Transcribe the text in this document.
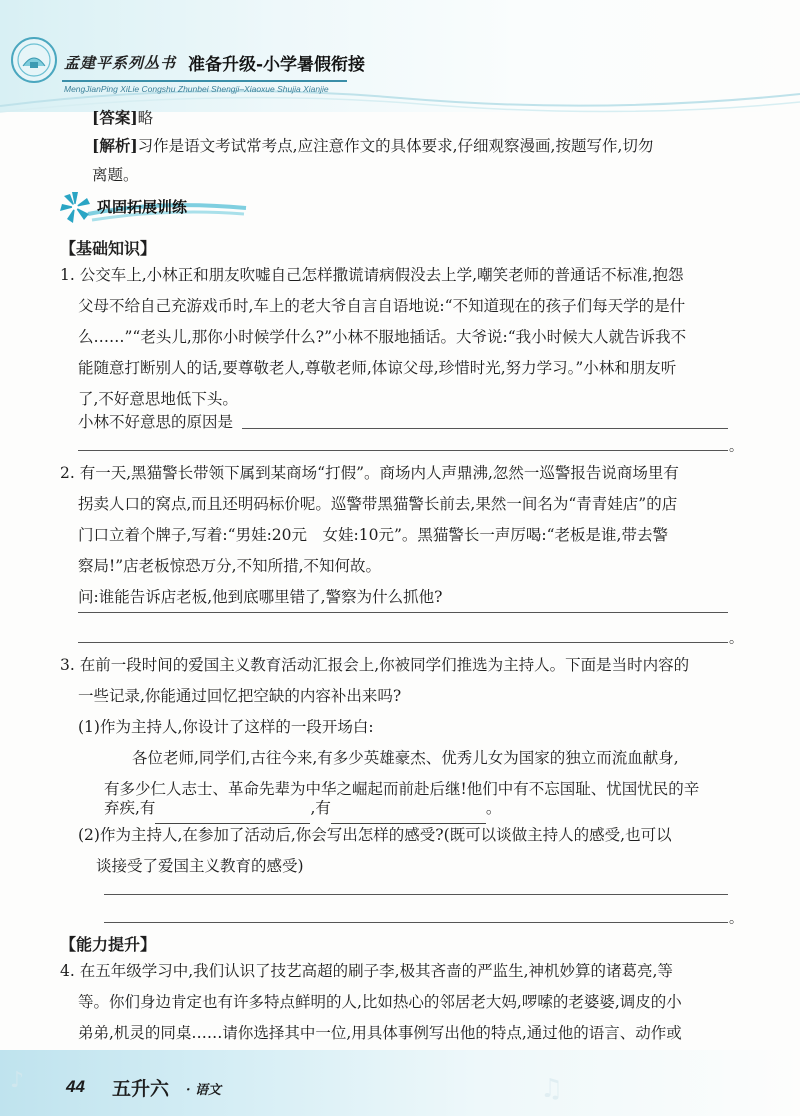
孟建平系列丛书 准备升级-小学暑假衔接
MengJianPing XiLie Congshu Zhunbei Shengji–Xiaoxue Shujia Xianjie
[答案]略
[解析]习作是语文考试常考点,应注意作文的具体要求,仔细观察漫画,按题写作,切勿
离题。
巩固拓展训练
【基础知识】
1. 公交车上,小林正和朋友吹嘘自己怎样撒谎请病假没去上学,嘲笑老师的普通话不标准,抱怨
父母不给自己充游戏币时,车上的老大爷自言自语地说:“不知道现在的孩子们每天学的是什
么……”“老头儿,那你小时候学什么?”小林不服地插话。大爷说:“我小时候大人就告诉我不
能随意打断别人的话,要尊敬老人,尊敬老师,体谅父母,珍惜时光,努力学习。”小林和朋友听
了,不好意思地低下头。
小林不好意思的原因是
。
2. 有一天,黑猫警长带领下属到某商场“打假”。商场内人声鼎沸,忽然一巡警报告说商场里有
拐卖人口的窝点,而且还明码标价呢。巡警带黑猫警长前去,果然一间名为“青青娃店”的店
门口立着个牌子,写着:“男娃:20元　女娃:10元”。黑猫警长一声厉喝:“老板是谁,带去警
察局!”店老板惊恐万分,不知所措,不知何故。
问:谁能告诉店老板,他到底哪里错了,警察为什么抓他?
。
3. 在前一段时间的爱国主义教育活动汇报会上,你被同学们推选为主持人。下面是当时内容的
一些记录,你能通过回忆把空缺的内容补出来吗?
(1)作为主持人,你设计了这样的一段开场白:
各位老师,同学们,古往今来,有多少英雄豪杰、优秀儿女为国家的独立而流血献身,
有多少仁人志士、革命先辈为中华之崛起而前赴后继!他们中有不忘国耻、忧国忧民的辛
弃疾,有	,有	。
(2)作为主持人,在参加了活动后,你会写出怎样的感受?(既可以谈做主持人的感受,也可以
谈接受了爱国主义教育的感受)
。
【能力提升】
4. 在五年级学习中,我们认识了技艺高超的刷子李,极其吝啬的严监生,神机妙算的诸葛亮,等
等。你们身边肯定也有许多特点鲜明的人,比如热心的邻居老大妈,啰嗦的老婆婆,调皮的小
弟弟,机灵的同桌……请你选择其中一位,用具体事例写出他的特点,通过他的语言、动作或
♪	♫
44 五升六 · 语文
